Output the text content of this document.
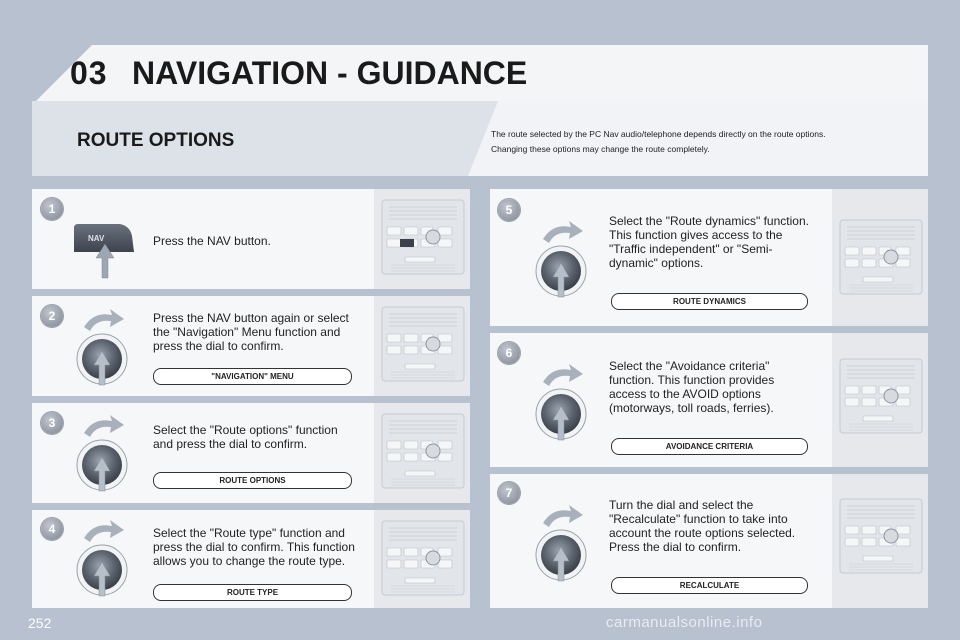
03 NAVIGATION - GUIDANCE
ROUTE OPTIONS	The route selected by the PC Nav audio/telephone depends directly on the route options.

Changing these options may change the route completely.

1
NAV	Press the NAV button.
2	Press the NAV button again or select
the "Navigation" Menu function and
press the dial to confirm.
"NAVIGATION" MENU
3	Select the "Route options" function
and press the dial to confirm.
ROUTE OPTIONS
4	Select the "Route type" function and
press the dial to confirm. This function
allows you to change the route type.
ROUTE TYPE
5
Select the "Route dynamics" function.
This function gives access to the
"Traffic independent" or "Semi-
dynamic" options.
ROUTE DYNAMICS
6
Select the "Avoidance criteria"
function. This function provides
access to the AVOID options
(motorways, toll roads, ferries).
AVOIDANCE CRITERIA
7
Turn the dial and select the
"Recalculate" function to take into
account the route options selected.
Press the dial to confirm.
RECALCULATE
252	carmanualsonline.info
